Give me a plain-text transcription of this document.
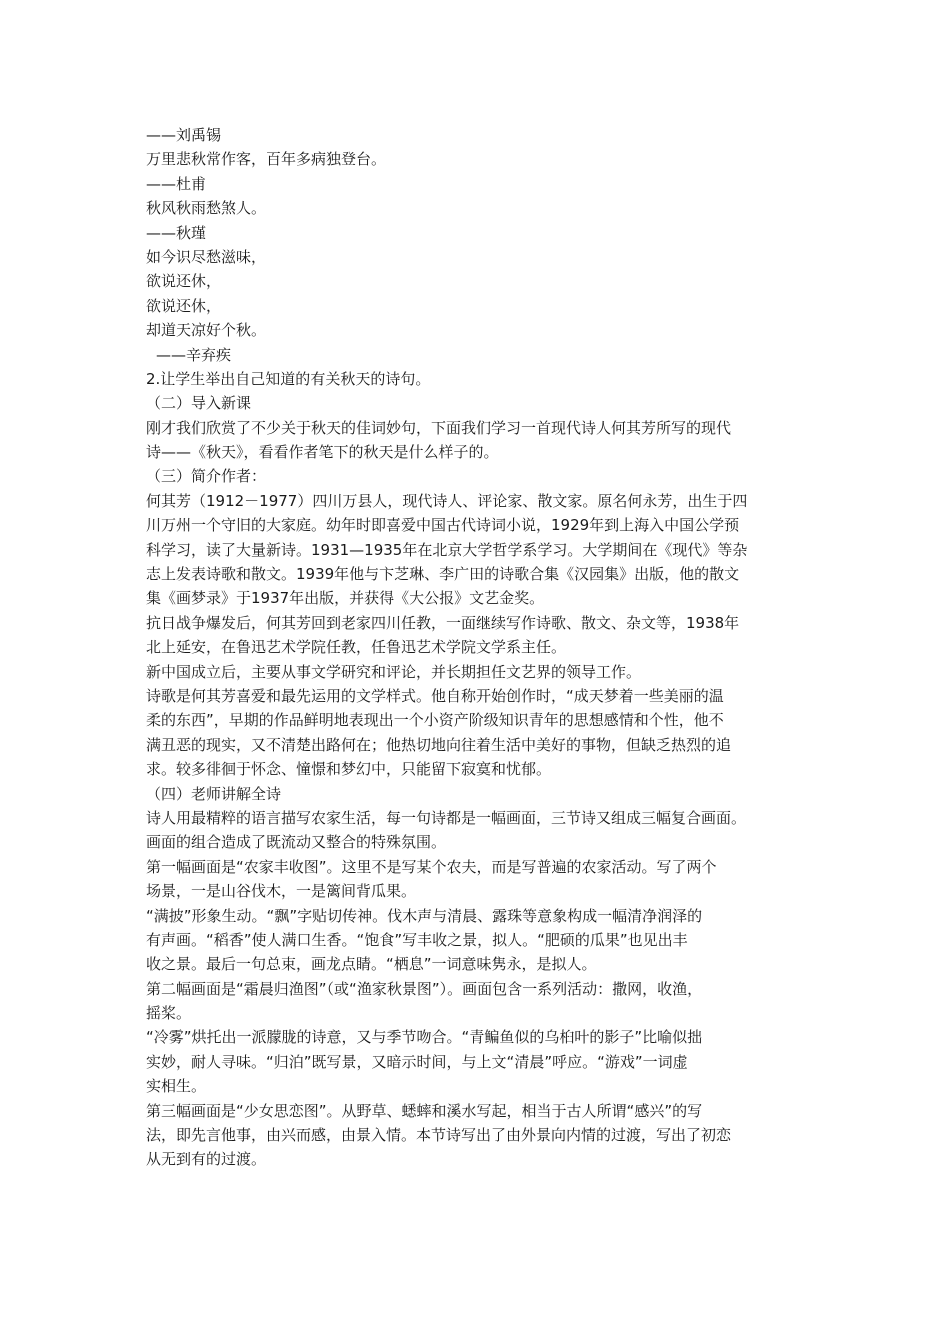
——刘禹锡
万里悲秋常作客，百年多病独登台。
——杜甫
秋风秋雨愁煞人。
——秋瑾
如今识尽愁滋味，
欲说还休，
欲说还休，
却道天凉好个秋。
——辛弃疾
2.让学生举出自己知道的有关秋天的诗句。
（二）导入新课
刚才我们欣赏了不少关于秋天的佳词妙句，下面我们学习一首现代诗人何其芳所写的现代
诗——《秋天》，看看作者笔下的秋天是什么样子的。
（三）简介作者：
何其芳（1912－1977）四川万县人，现代诗人、评论家、散文家。原名何永芳，出生于四
川万州一个守旧的大家庭。幼年时即喜爱中国古代诗词小说，1929年到上海入中国公学预
科学习，读了大量新诗。1931—1935年在北京大学哲学系学习。大学期间在《现代》等杂
志上发表诗歌和散文。1939年他与卞芝琳、李广田的诗歌合集《汉园集》出版，他的散文
集《画梦录》于1937年出版，并获得《大公报》文艺金奖。
抗日战争爆发后，何其芳回到老家四川任教，一面继续写作诗歌、散文、杂文等，1938年
北上延安，在鲁迅艺术学院任教，任鲁迅艺术学院文学系主任。
新中国成立后，主要从事文学研究和评论，并长期担任文艺界的领导工作。
诗歌是何其芳喜爱和最先运用的文学样式。他自称开始创作时，“成天梦着一些美丽的温
柔的东西”，早期的作品鲜明地表现出一个小资产阶级知识青年的思想感情和个性，他不
满丑恶的现实，又不清楚出路何在；他热切地向往着生活中美好的事物，但缺乏热烈的追
求。较多徘徊于怀念、憧憬和梦幻中，只能留下寂寞和忧郁。
（四）老师讲解全诗
诗人用最精粹的语言描写农家生活，每一句诗都是一幅画面，三节诗又组成三幅复合画面。
画面的组合造成了既流动又整合的特殊氛围。
第一幅画面是“农家丰收图”。这里不是写某个农夫，而是写普遍的农家活动。写了两个
场景，一是山谷伐木，一是篱间背瓜果。
“满披”形象生动。“飘”字贴切传神。伐木声与清晨、露珠等意象构成一幅清净润泽的
有声画。“稻香”使人满口生香。“饱食”写丰收之景，拟人。“肥硕的瓜果”也见出丰
收之景。最后一句总束，画龙点睛。“栖息”一词意味隽永，是拟人。
第二幅画面是“霜晨归渔图”（或“渔家秋景图”）。画面包含一系列活动：撒网，收渔，
摇桨。
“冷雾”烘托出一派朦胧的诗意，又与季节吻合。“青鳊鱼似的乌桕叶的影子”比喻似拙
实妙，耐人寻味。“归泊”既写景，又暗示时间，与上文“清晨”呼应。“游戏”一词虚
实相生。
第三幅画面是“少女思恋图”。从野草、蟋蟀和溪水写起，相当于古人所谓“感兴”的写
法，即先言他事，由兴而感，由景入情。本节诗写出了由外景向内情的过渡，写出了初恋
从无到有的过渡。
